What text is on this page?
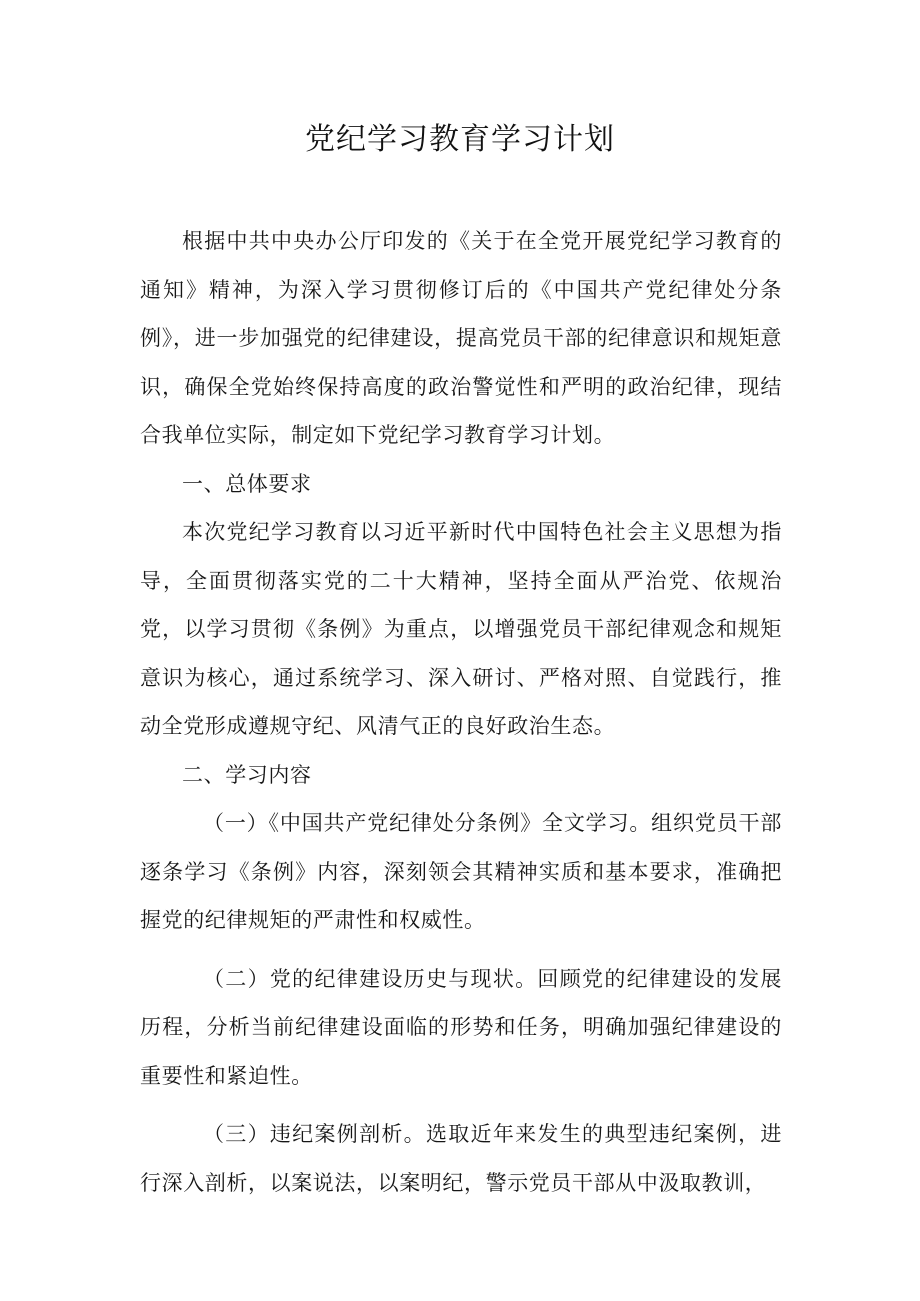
党纪学习教育学习计划

根据中共中央办公厅印发的《关于在全党开展党纪学习教育的通知》精神，为深入学习贯彻修订后的《中国共产党纪律处分条例》，进一步加强党的纪律建设，提高党员干部的纪律意识和规矩意识，确保全党始终保持高度的政治警觉性和严明的政治纪律，现结合我单位实际，制定如下党纪学习教育学习计划。

一、总体要求

本次党纪学习教育以习近平新时代中国特色社会主义思想为指导，全面贯彻落实党的二十大精神，坚持全面从严治党、依规治党，以学习贯彻《条例》为重点，以增强党员干部纪律观念和规矩意识为核心，通过系统学习、深入研讨、严格对照、自觉践行，推动全党形成遵规守纪、风清气正的良好政治生态。

二、学习内容

（一）《中国共产党纪律处分条例》全文学习。组织党员干部逐条学习《条例》内容，深刻领会其精神实质和基本要求，准确把握党的纪律规矩的严肃性和权威性。

（二）党的纪律建设历史与现状。回顾党的纪律建设的发展历程，分析当前纪律建设面临的形势和任务，明确加强纪律建设的重要性和紧迫性。

（三）违纪案例剖析。选取近年来发生的典型违纪案例，进行深入剖析，以案说法，以案明纪，警示党员干部从中汲取教训，
